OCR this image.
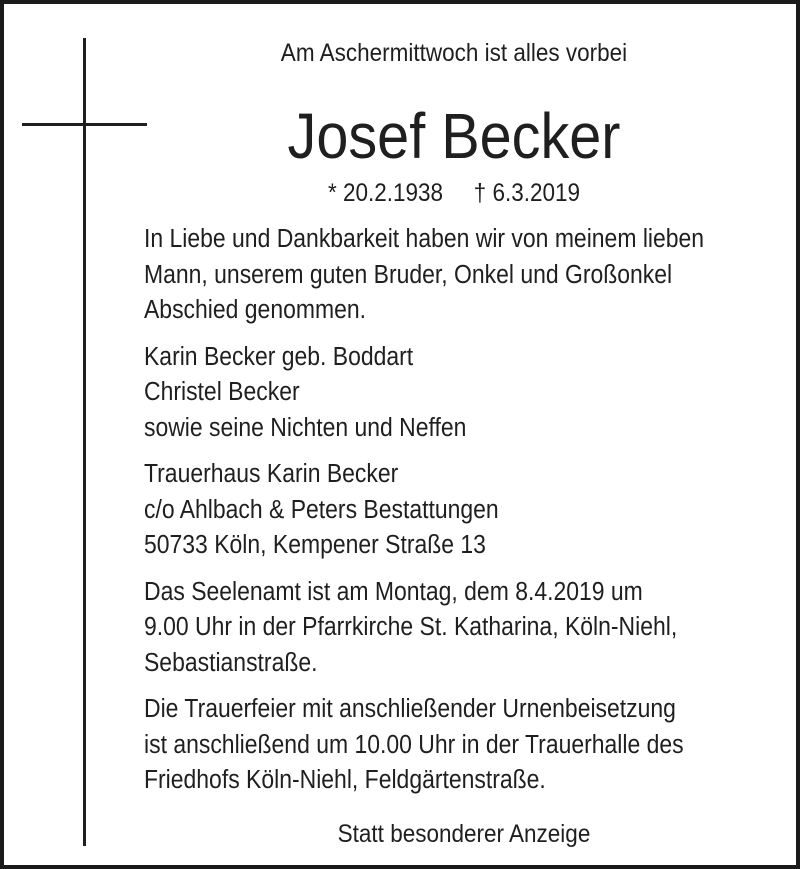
Am Aschermittwoch ist alles vorbei

Josef Becker

* 20.2.1938 † 6.3.2019

In Liebe und Dankbarkeit haben wir von meinem lieben
Mann, unserem guten Bruder, Onkel und Großonkel
Abschied genommen.

Karin Becker geb. Boddart
Christel Becker
sowie seine Nichten und Neffen

Trauerhaus Karin Becker
c/o Ahlbach & Peters Bestattungen
50733 Köln, Kempener Straße 13

Das Seelenamt ist am Montag, dem 8.4.2019 um
9.00 Uhr in der Pfarrkirche St. Katharina, Köln-Niehl,
Sebastianstraße.

Die Trauerfeier mit anschließender Urnenbeisetzung
ist anschließend um 10.00 Uhr in der Trauerhalle des
Friedhofs Köln-Niehl, Feldgärtenstraße.

Statt besonderer Anzeige
